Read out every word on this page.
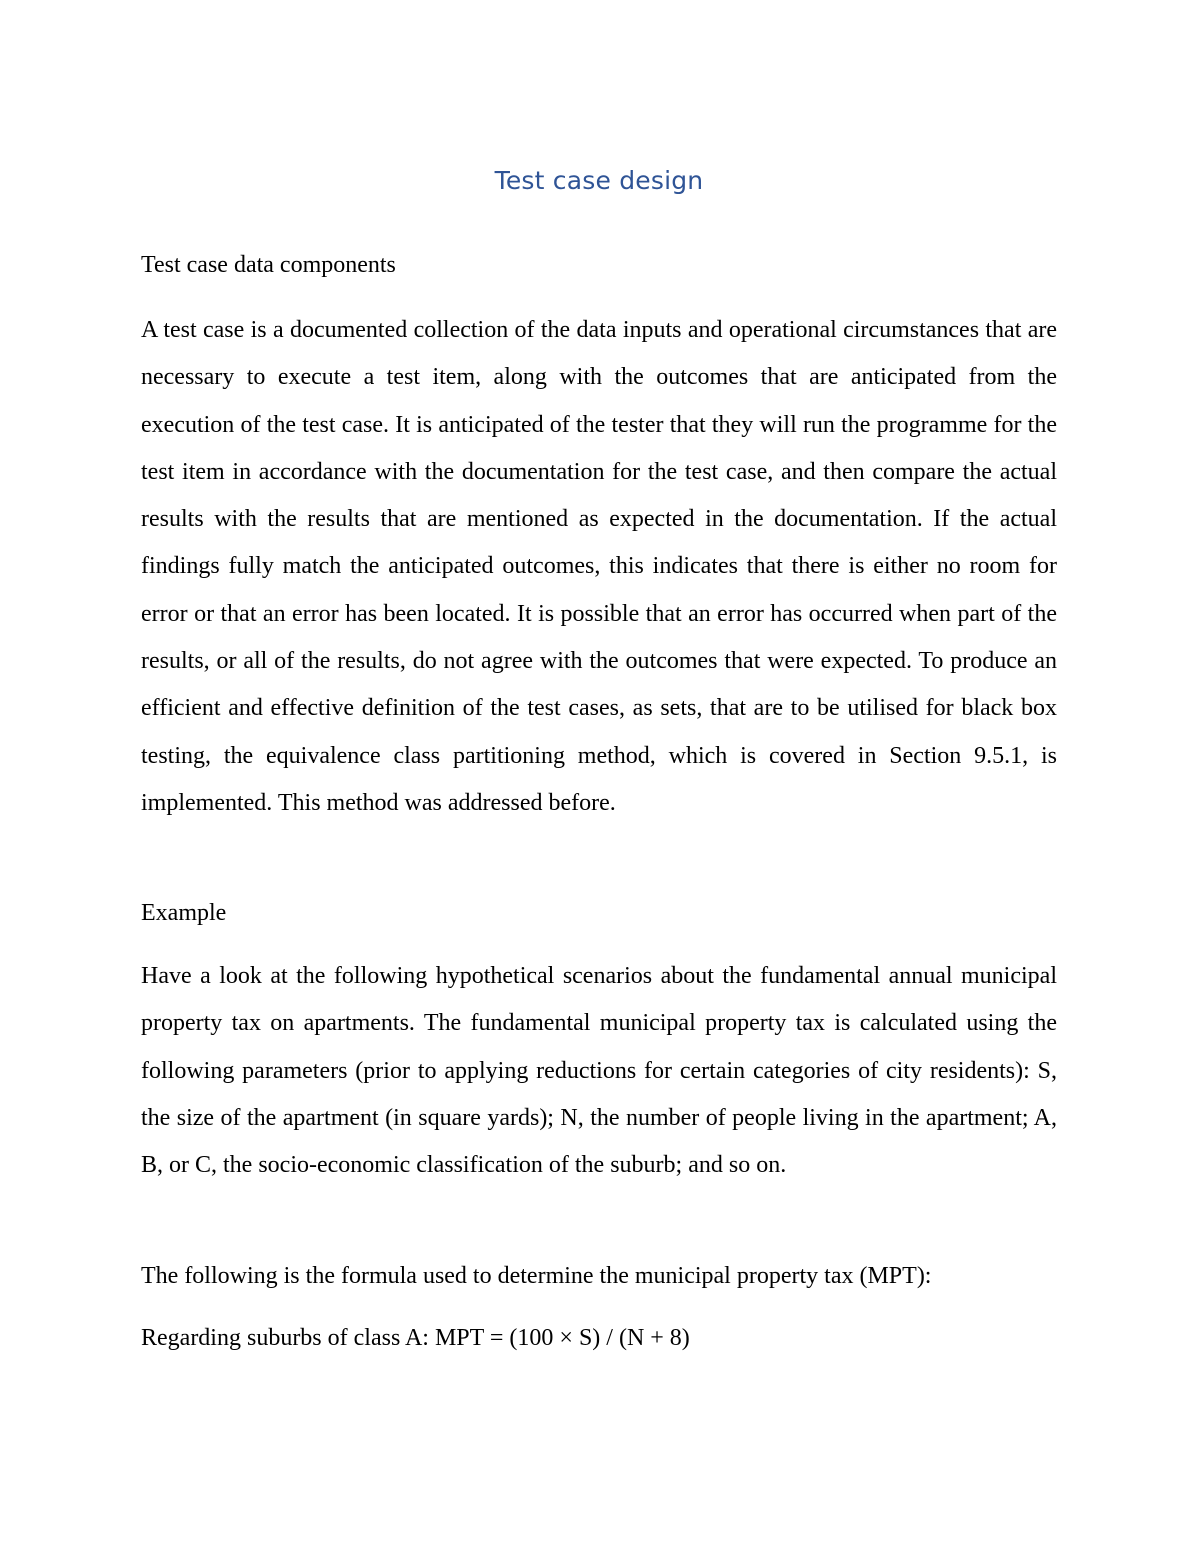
Test case design

Test case data components

A test case is a documented collection of the data inputs and operational circumstances that are necessary to execute a test item, along with the outcomes that are anticipated from the execution of the test case. It is anticipated of the tester that they will run the programme for the test item in accordance with the documentation for the test case, and then compare the actual results with the results that are mentioned as expected in the documentation. If the actual findings fully match the anticipated outcomes, this indicates that there is either no room for error or that an error has been located. It is possible that an error has occurred when part of the results, or all of the results, do not agree with the outcomes that were expected. To produce an efficient and effective definition of the test cases, as sets, that are to be utilised for black box testing, the equivalence class partitioning method, which is covered in Section 9.5.1, is implemented. This method was addressed before.

Example

Have a look at the following hypothetical scenarios about the fundamental annual municipal property tax on apartments. The fundamental municipal property tax is calculated using the following parameters (prior to applying reductions for certain categories of city residents): S, the size of the apartment (in square yards); N, the number of people living in the apartment; A, B, or C, the socio-economic classification of the suburb; and so on.

The following is the formula used to determine the municipal property tax (MPT):

Regarding suburbs of class A: MPT = (100 × S) / (N + 8)
